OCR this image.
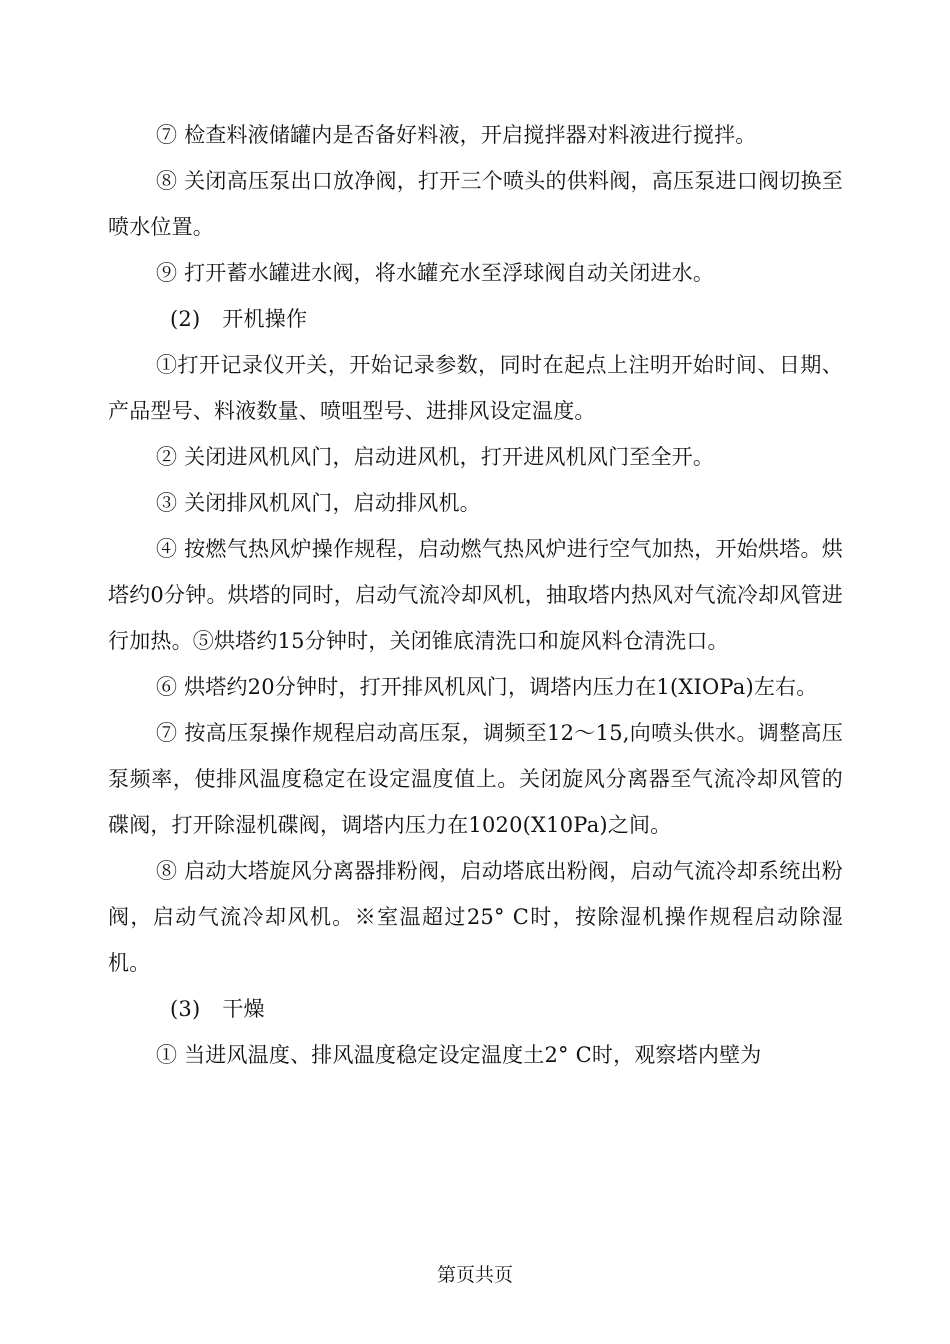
⑦ 检查料液储罐内是否备好料液，开启搅拌器对料液进行搅拌。

⑧ 关闭高压泵出口放净阀，打开三个喷头的供料阀，高压泵进口阀切换至喷水位置。

⑨ 打开蓄水罐进水阀，将水罐充水至浮球阀自动关闭进水。

(2) 开机操作

①打开记录仪开关，开始记录参数，同时在起点上注明开始时间、日期、产品型号、料液数量、喷咀型号、进排风设定温度。

② 关闭进风机风门，启动进风机，打开进风机风门至全开。

③ 关闭排风机风门，启动排风机。

④ 按燃气热风炉操作规程，启动燃气热风炉进行空气加热，开始烘塔。烘塔约0分钟。烘塔的同时，启动气流冷却风机，抽取塔内热风对气流冷却风管进行加热。⑤烘塔约15分钟时，关闭锥底清洗口和旋风料仓清洗口。

⑥ 烘塔约20分钟时，打开排风机风门，调塔内压力在1(XIOPa)左右。

⑦ 按高压泵操作规程启动高压泵，调频至12〜15,向喷头供水。调整高压泵频率，使排风温度稳定在设定温度值上。关闭旋风分离器至气流冷却风管的碟阀，打开除湿机碟阀，调塔内压力在1020(X10Pa)之间。

⑧ 启动大塔旋风分离器排粉阀，启动塔底出粉阀，启动气流冷却系统出粉阀，启动气流冷却风机。※室温超过25° C时，按除湿机操作规程启动除湿机。

(3) 干燥

① 当进风温度、排风温度稳定设定温度土2° C时，观察塔内壁为

第页共页
